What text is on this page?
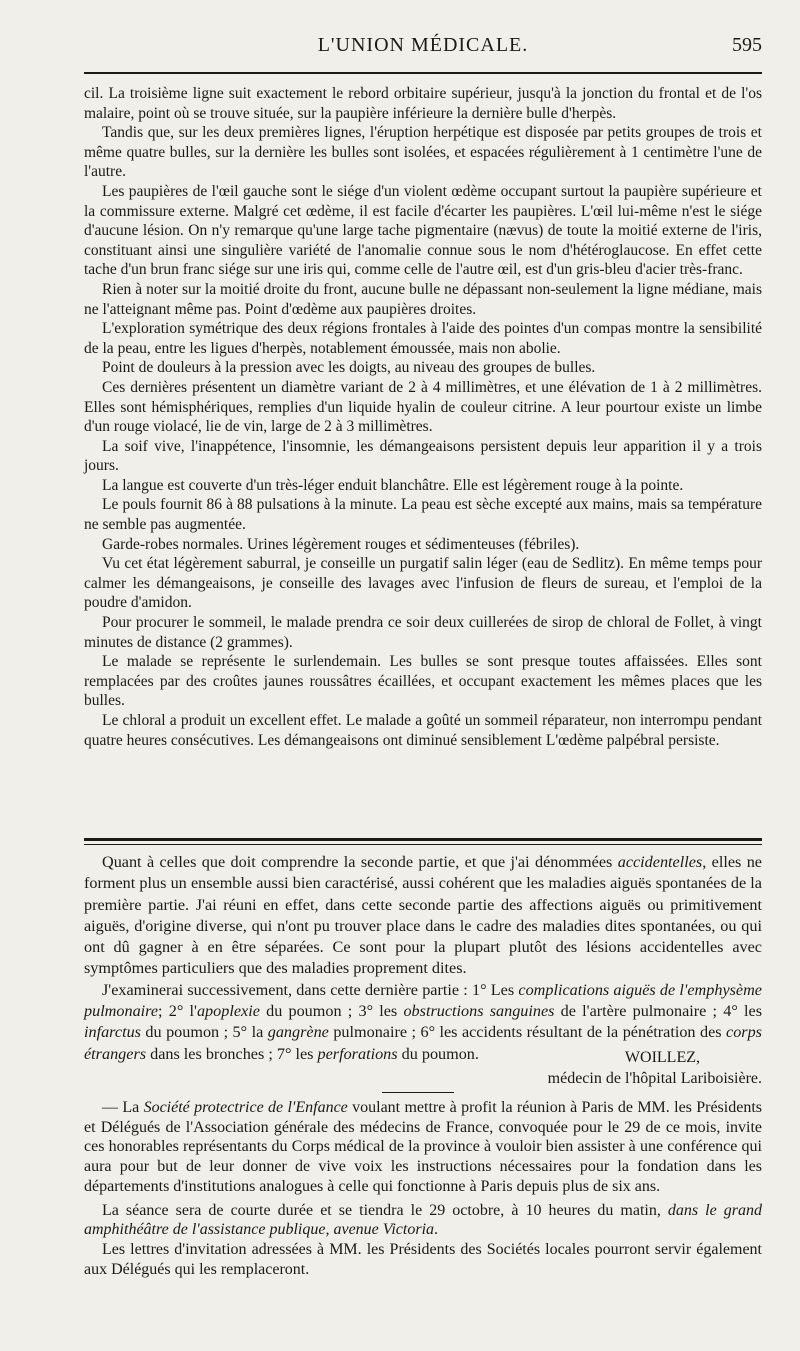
L'UNION MÉDICALE.	595

cil. La troisième ligne suit exactement le rebord orbitaire supérieur, jusqu'à la jonction du frontal et de l'os malaire, point où se trouve située, sur la paupière inférieure la dernière bulle d'herpès.

Tandis que, sur les deux premières lignes, l'éruption herpétique est disposée par petits groupes de trois et même quatre bulles, sur la dernière les bulles sont isolées, et espacées régulièrement à 1 centimètre l'une de l'autre.

Les paupières de l'œil gauche sont le siége d'un violent œdème occupant surtout la paupière supérieure et la commissure externe. Malgré cet œdème, il est facile d'écarter les paupières. L'œil lui-même n'est le siége d'aucune lésion. On n'y remarque qu'une large tache pigmentaire (nævus) de toute la moitié externe de l'iris, constituant ainsi une singulière variété de l'anomalie connue sous le nom d'hétéroglaucose. En effet cette tache d'un brun franc siége sur une iris qui, comme celle de l'autre œil, est d'un gris-bleu d'acier très-franc.

Rien à noter sur la moitié droite du front, aucune bulle ne dépassant non-seulement la ligne médiane, mais ne l'atteignant même pas. Point d'œdème aux paupières droites.

L'exploration symétrique des deux régions frontales à l'aide des pointes d'un compas montre la sensibilité de la peau, entre les ligues d'herpès, notablement émoussée, mais non abolie.

Point de douleurs à la pression avec les doigts, au niveau des groupes de bulles.

Ces dernières présentent un diamètre variant de 2 à 4 millimètres, et une élévation de 1 à 2 millimètres. Elles sont hémisphériques, remplies d'un liquide hyalin de couleur citrine. A leur pourtour existe un limbe d'un rouge violacé, lie de vin, large de 2 à 3 millimètres.

La soif vive, l'inappétence, l'insomnie, les démangeaisons persistent depuis leur apparition il y a trois jours.

La langue est couverte d'un très-léger enduit blanchâtre. Elle est légèrement rouge à la pointe.

Le pouls fournit 86 à 88 pulsations à la minute. La peau est sèche excepté aux mains, mais sa température ne semble pas augmentée.

Garde-robes normales. Urines légèrement rouges et sédimenteuses (fébriles).

Vu cet état légèrement saburral, je conseille un purgatif salin léger (eau de Sedlitz). En même temps pour calmer les démangeaisons, je conseille des lavages avec l'infusion de fleurs de sureau, et l'emploi de la poudre d'amidon.

Pour procurer le sommeil, le malade prendra ce soir deux cuillerées de sirop de chloral de Follet, à vingt minutes de distance (2 grammes).

Le malade se représente le surlendemain. Les bulles se sont presque toutes affaissées. Elles sont remplacées par des croûtes jaunes roussâtres écaillées, et occupant exactement les mêmes places que les bulles.

Le chloral a produit un excellent effet. Le malade a goûté un sommeil réparateur, non interrompu pendant quatre heures consécutives. Les démangeaisons ont diminué sensiblement L'œdème palpébral persiste.

Quant à celles que doit comprendre la seconde partie, et que j'ai dénommées accidentelles, elles ne forment plus un ensemble aussi bien caractérisé, aussi cohérent que les maladies aiguës spontanées de la première partie. J'ai réuni en effet, dans cette seconde partie des affections aiguës ou primitivement aiguës, d'origine diverse, qui n'ont pu trouver place dans le cadre des maladies dites spontanées, ou qui ont dû gagner à en être séparées. Ce sont pour la plupart plutôt des lésions accidentelles avec symptômes particuliers que des maladies proprement dites.

J'examinerai successivement, dans cette dernière partie : 1° Les complications aiguës de l'emphysème pulmonaire; 2° l'apoplexie du poumon ; 3° les obstructions sanguines de l'artère pulmonaire ; 4° les infarctus du poumon ; 5° la gangrène pulmonaire ; 6° les accidents résultant de la pénétration des corps étrangers dans les bronches ; 7° les perforations du poumon.	WOILLEZ,
médecin de l'hôpital Lariboisière.

— La Société protectrice de l'Enfance voulant mettre à profit la réunion à Paris de MM. les Présidents et Délégués de l'Association générale des médecins de France, convoquée pour le 29 de ce mois, invite ces honorables représentants du Corps médical de la province à vouloir bien assister à une conférence qui aura pour but de leur donner de vive voix les instructions nécessaires pour la fondation dans les départements d'institutions analogues à celle qui fonctionne à Paris depuis plus de six ans.

La séance sera de courte durée et se tiendra le 29 octobre, à 10 heures du matin, dans le grand amphithéâtre de l'assistance publique, avenue Victoria.

Les lettres d'invitation adressées à MM. les Présidents des Sociétés locales pourront servir également aux Délégués qui les remplaceront.
